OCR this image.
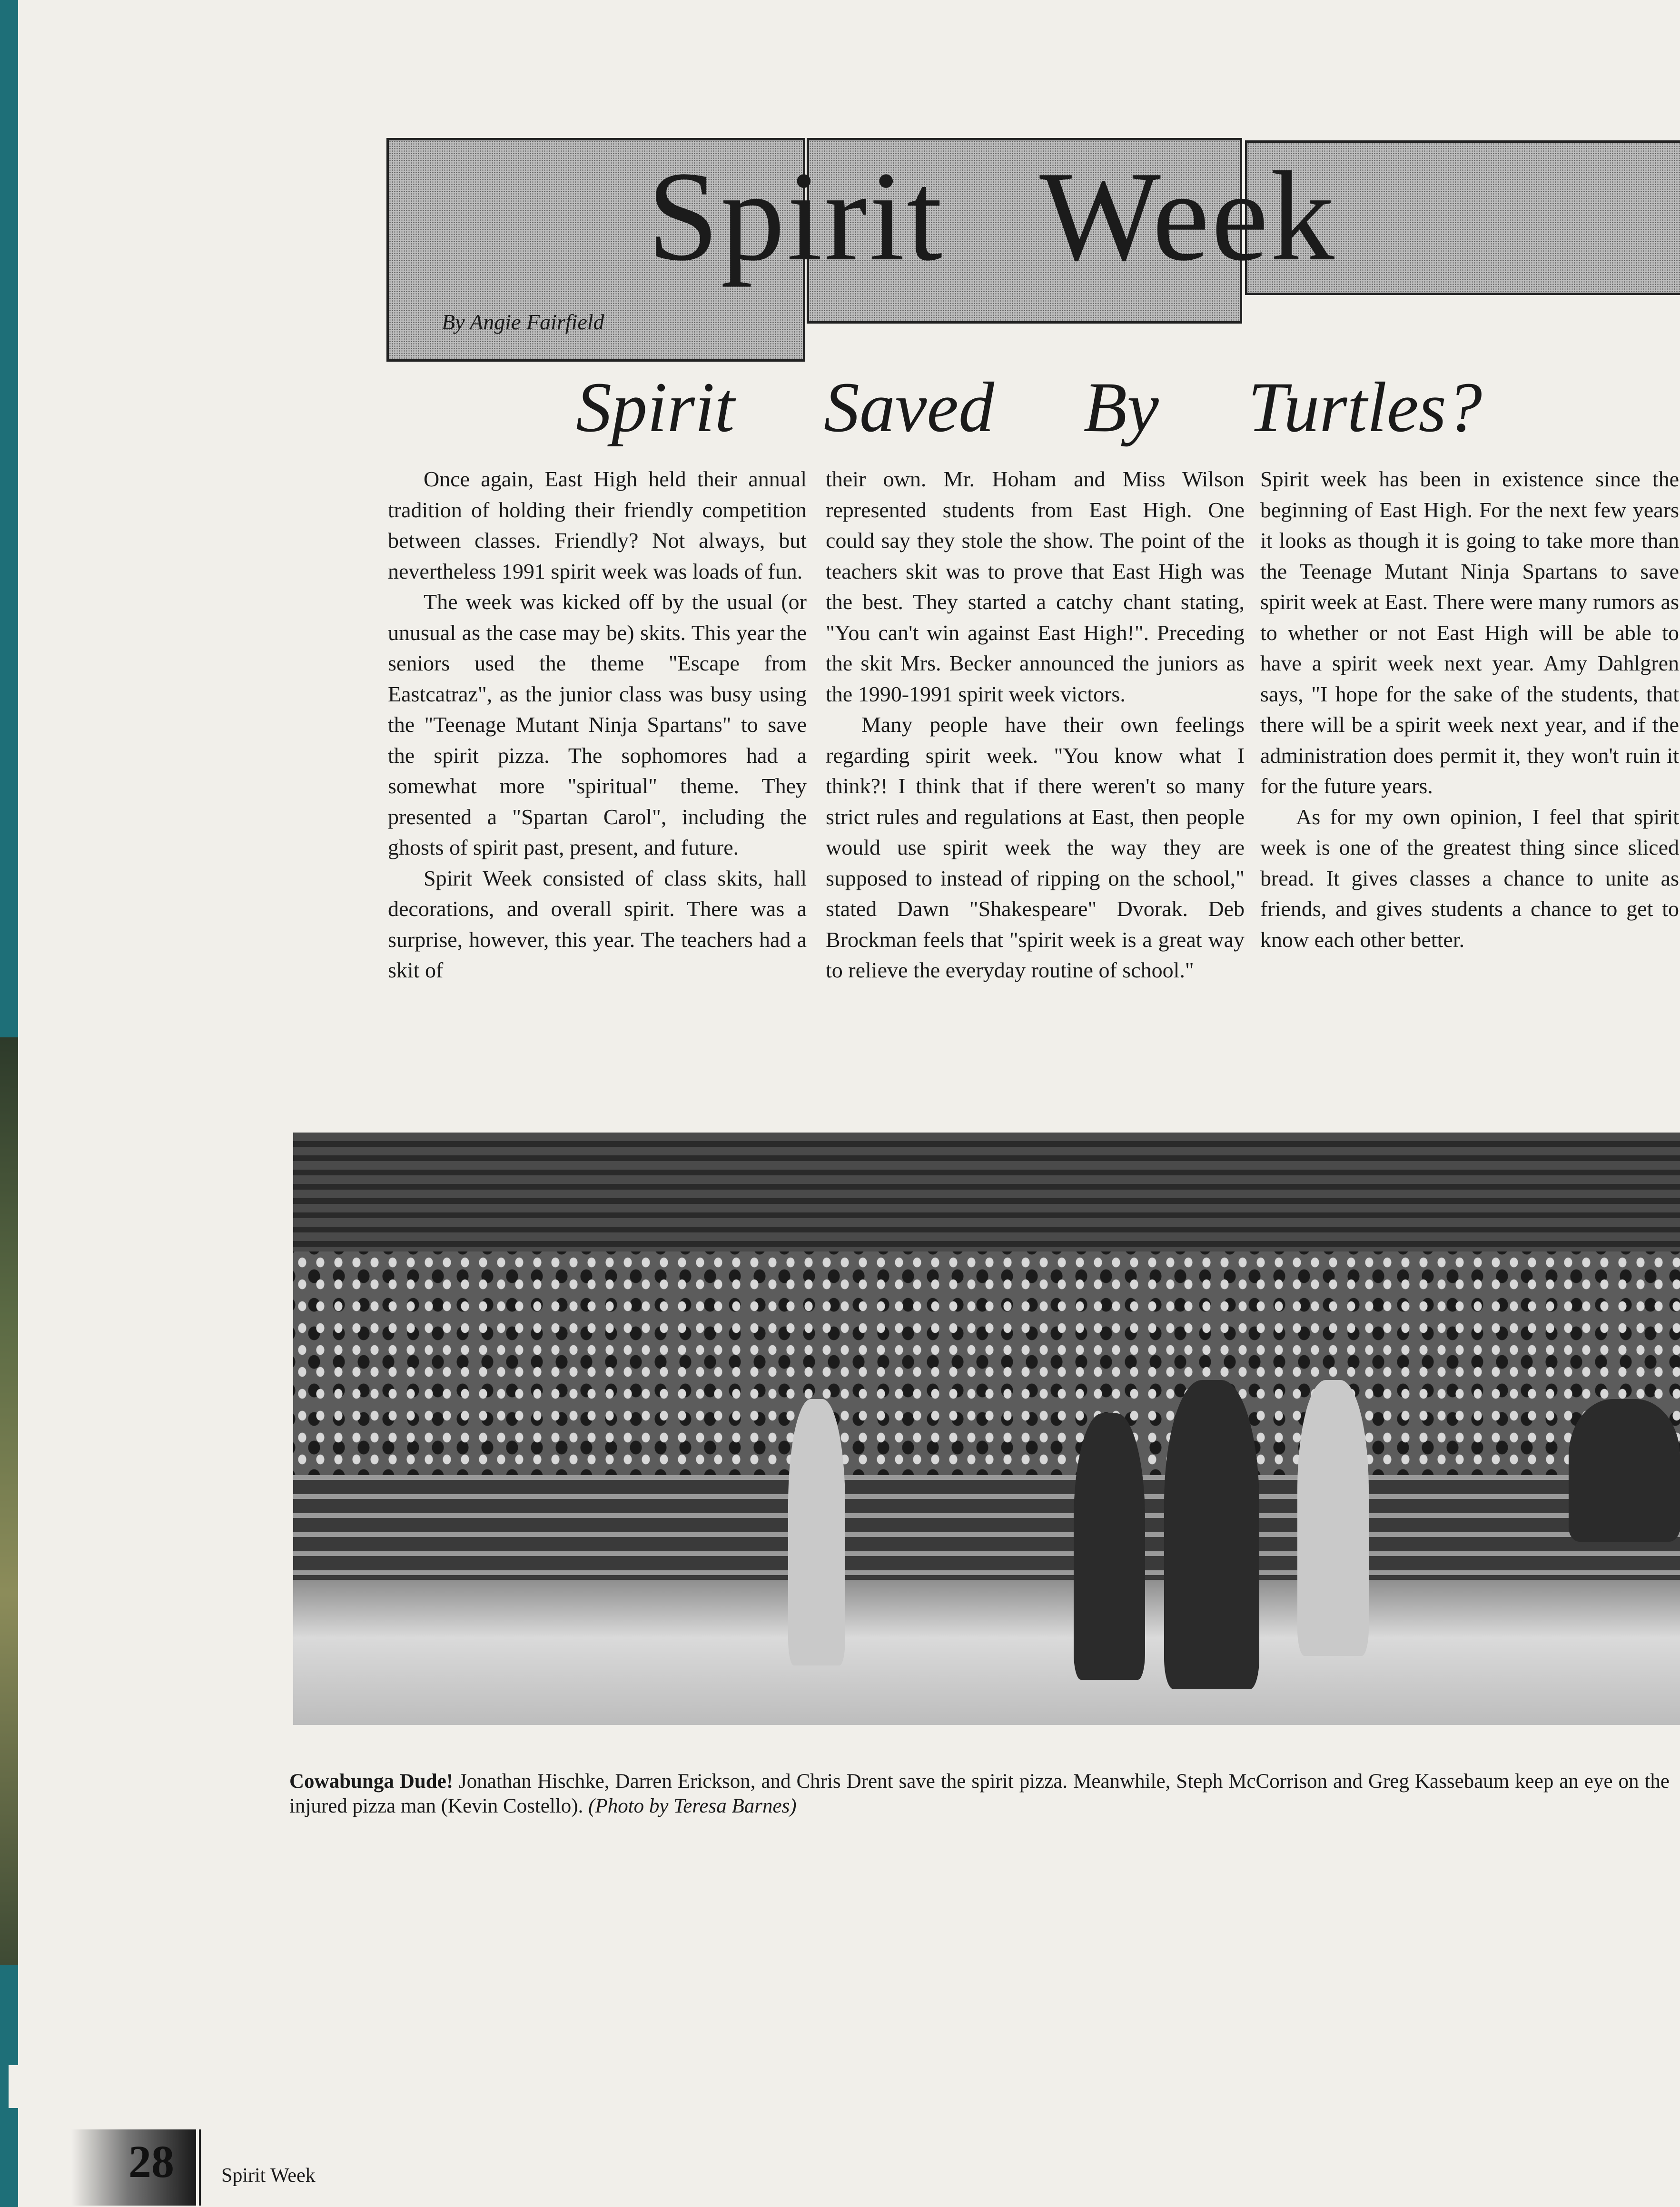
Spirit Week
By Angie Fairfield
Spirit Saved By Turtles?

Once again, East High held their annual tradition of holding their friendly competition between classes. Friendly? Not always, but nevertheless 1991 spirit week was loads of fun.

The week was kicked off by the usual (or unusual as the case may be) skits. This year the seniors used the theme "Escape from Eastcatraz", as the junior class was busy using the "Teenage Mutant Ninja Spartans" to save the spirit pizza. The sophomores had a somewhat more "spiritual" theme. They presented a "Spartan Carol", including the ghosts of spirit past, present, and future.

Spirit Week consisted of class skits, hall decorations, and overall spirit. There was a surprise, however, this year. The teachers had a skit of

their own. Mr. Hoham and Miss Wilson represented students from East High. One could say they stole the show. The point of the teachers skit was to prove that East High was the best. They started a catchy chant stating, "You can't win against East High!". Preceding the skit Mrs. Becker announced the juniors as the 1990-1991 spirit week victors.

Many people have their own feelings regarding spirit week. "You know what I think?! I think that if there weren't so many strict rules and regulations at East, then people would use spirit week the way they are supposed to instead of ripping on the school," stated Dawn "Shakespeare" Dvorak. Deb Brockman feels that "spirit week is a great way to relieve the everyday routine of school."

Spirit week has been in existence since the beginning of East High. For the next few years it looks as though it is going to take more than the Teenage Mutant Ninja Spartans to save spirit week at East. There were many rumors as to whether or not East High will be able to have a spirit week next year. Amy Dahlgren says, "I hope for the sake of the students, that there will be a spirit week next year, and if the administration does permit it, they won't ruin it for the future years.

As for my own opinion, I feel that spirit week is one of the greatest thing since sliced bread. It gives classes a chance to unite as friends, and gives students a chance to get to know each other better.

Cowabunga Dude! Jonathan Hischke, Darren Erickson, and Chris Drent save the spirit pizza. Meanwhile, Steph McCorrison and Greg Kassebaum keep an eye on the injured pizza man (Kevin Costello). (Photo by Teresa Barnes)
28 Spirit Week
